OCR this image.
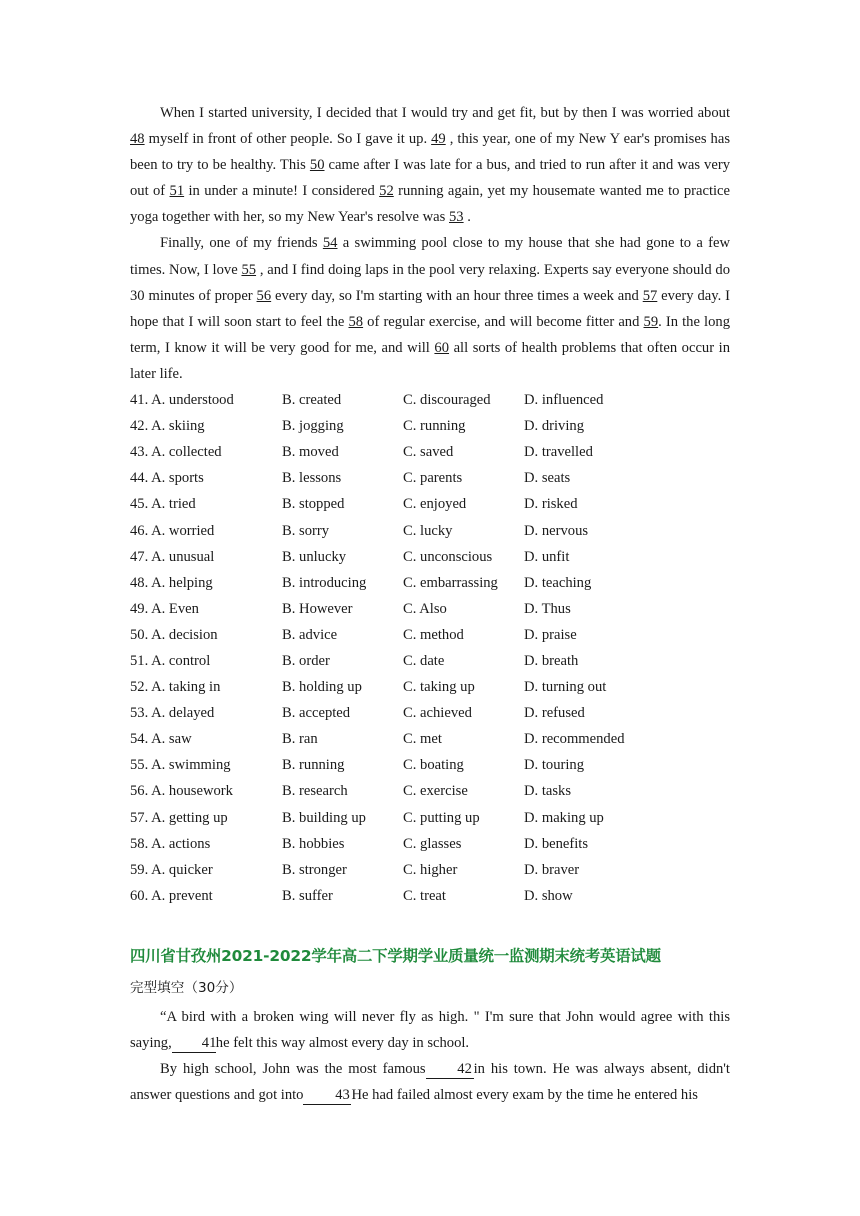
When I started university, I decided that I would try and get fit, but by then I was worried about 48 myself in front of other people. So I gave it up. 49 , this year, one of my New Y ear's promises has been to try to be healthy. This 50 came after I was late for a bus, and tried to run after it and was very out of 51 in under a minute! I considered 52 running again, yet my housemate wanted me to practice yoga together with her, so my New Year's resolve was 53 .

Finally, one of my friends 54 a swimming pool close to my house that she had gone to a few times. Now, I love 55 , and I find doing laps in the pool very relaxing. Experts say everyone should do 30 minutes of proper 56 every day, so I'm starting with an hour three times a week and 57 every day. I hope that I will soon start to feel the 58 of regular exercise, and will become fitter and 59. In the long term, I know it will be very good for me, and will 60 all sorts of health problems that often occur in later life.

41. A. understood	B. created	C. discouraged	D. influenced
42. A. skiing	B. jogging	C. running	D. driving
43. A. collected	B. moved	C. saved	D. travelled
44. A. sports	B. lessons	C. parents	D. seats
45. A. tried	B. stopped	C. enjoyed	D. risked
46. A. worried	B. sorry	C. lucky	D. nervous
47. A. unusual	B. unlucky	C. unconscious	D. unfit
48. A. helping	B. introducing	C. embarrassing	D. teaching
49. A. Even	B. However	C. Also	D. Thus
50. A. decision	B. advice	C. method	D. praise
51. A. control	B. order	C. date	D. breath
52. A. taking in	B. holding up	C. taking up	D. turning out
53. A. delayed	B. accepted	C. achieved	D. refused
54. A. saw	B. ran	C. met	D. recommended
55. A. swimming	B. running	C. boating	D. touring
56. A. housework	B. research	C. exercise	D. tasks
57. A. getting up	B. building up	C. putting up	D. making up
58. A. actions	B. hobbies	C. glasses	D. benefits
59. A. quicker	B. stronger	C. higher	D. braver
60. A. prevent	B. suffer	C. treat	D. show
四川省甘孜州2021-2022学年高二下学期学业质量统一监测期末统考英语试题
完型填空（30分）

“A bird with a broken wing will never fly as high. " I'm sure that John would agree with this saying, 41he felt this way almost every day in school.

By high school, John was the most famous 42 in his town. He was always absent, didn't answer questions and got into 43 He had failed almost every exam by the time he entered his
